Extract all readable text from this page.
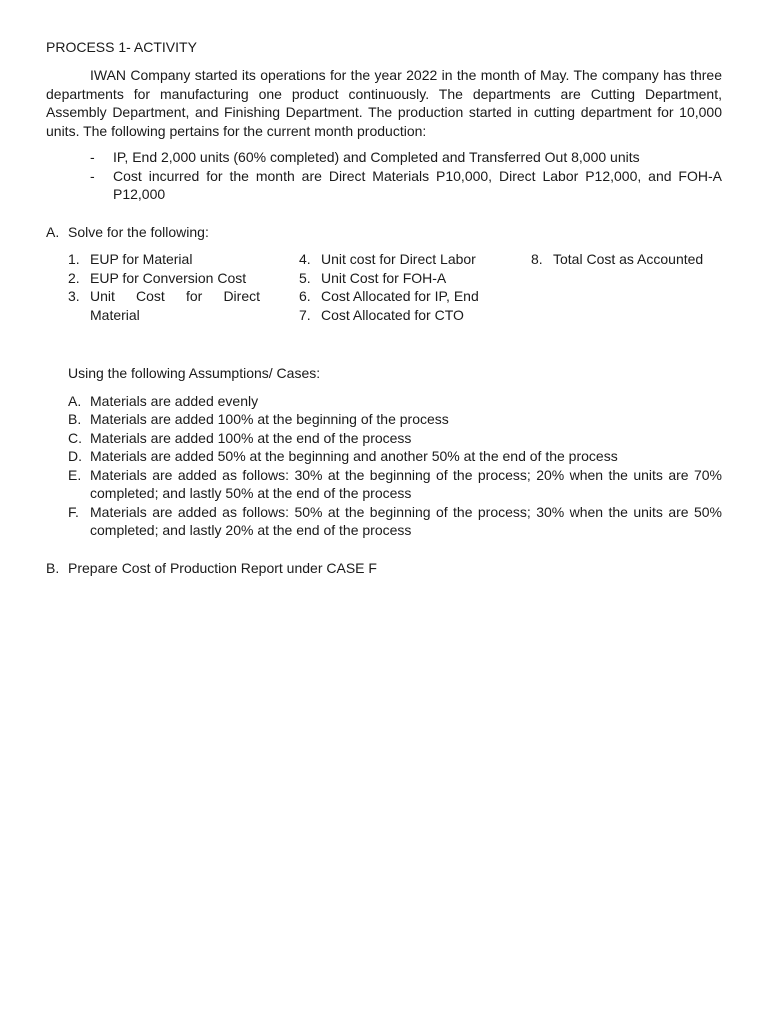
PROCESS 1- ACTIVITY

IWAN Company started its operations for the year 2022 in the month of May. The company has three departments for manufacturing one product continuously. The departments are Cutting Department, Assembly Department, and Finishing Department. The production started in cutting department for 10,000 units. The following pertains for the current month production:

- IP, End 2,000 units (60% completed) and Completed and Transferred Out 8,000 units
- Cost incurred for the month are Direct Materials P10,000, Direct Labor P12,000, and FOH-A P12,000
A. Solve for the following:
1. EUP for Material
2. EUP for Conversion Cost
3. Unit Cost for Direct Material
4. Unit cost for Direct Labor
5. Unit Cost for FOH-A
6. Cost Allocated for IP, End
7. Cost Allocated for CTO
8. Total Cost as Accounted
Using the following Assumptions/ Cases:
A. Materials are added evenly
B. Materials are added 100% at the beginning of the process
C. Materials are added 100% at the end of the process
D. Materials are added 50% at the beginning and another 50% at the end of the process
E. Materials are added as follows: 30% at the beginning of the process; 20% when the units are 70% completed; and lastly 50% at the end of the process
F. Materials are added as follows: 50% at the beginning of the process; 30% when the units are 50% completed; and lastly 20% at the end of the process
B. Prepare Cost of Production Report under CASE F
